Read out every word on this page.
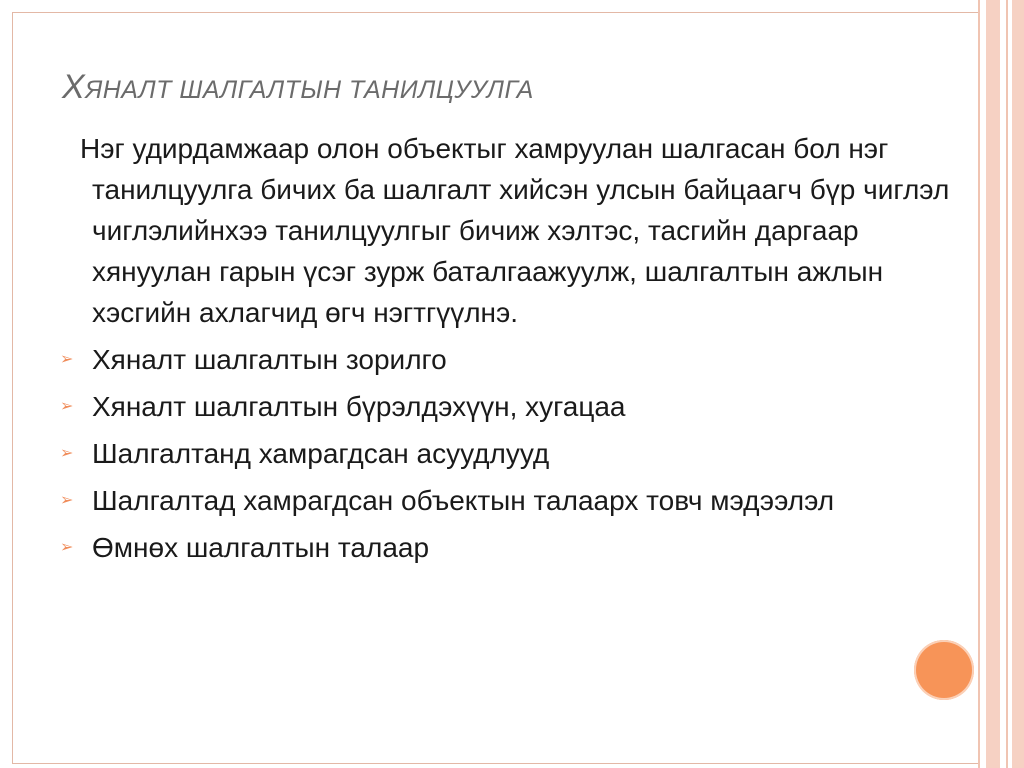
ХЯНАЛТ ШАЛГАЛТЫН ТАНИЛЦУУЛГА

Нэг удирдамжаар олон объектыг хамруулан шалгасан бол нэг танилцуулга бичих ба шалгалт хийсэн улсын байцаагч бүр чиглэл чиглэлийнхээ танилцуулгыг бичиж хэлтэс, тасгийн даргаар хянуулан гарын үсэг зурж баталгаажуулж, шалгалтын ажлын хэсгийн ахлагчид өгч нэгтгүүлнэ.

➢ Хяналт шалгалтын зорилго
➢ Хяналт шалгалтын бүрэлдэхүүн, хугацаа
➢ Шалгалтанд хамрагдсан асуудлууд
➢ Шалгалтад хамрагдсан объектын талаарх товч мэдээлэл
➢ Өмнөх шалгалтын талаар
